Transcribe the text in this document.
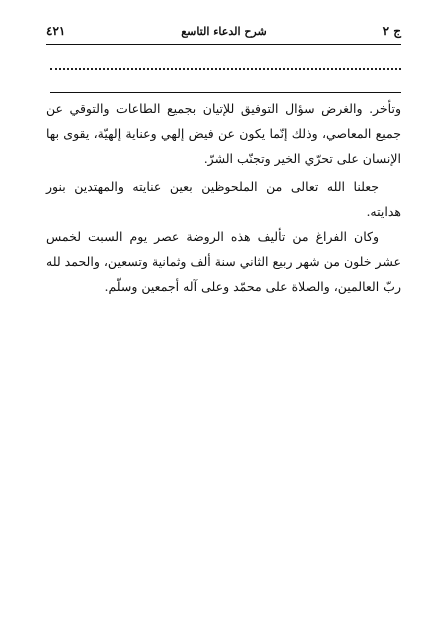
ج ٢
شرح الدعاء التاسع
٤٢١

وتأخر. والغرض سؤال التوفيق للإتيان بجميع الطاعات والتوقي عن جميع المعاصي، وذلك إنّما يكون عن فيض إلهي وعناية إلهيّة، يقوى بها الإنسان على تحرّي الخير وتجنّب الشرّ.

جعلنا الله تعالى من الملحوظين بعين عنايته والمهتدين بنور هدايته.

وكان الفراغ من تأليف هذه الروضة عصر يوم السبت لخمس عشر خلون من شهر ربيع الثاني سنة ألف وثمانية وتسعين، والحمد لله ربّ العالمين، والصلاة على محمّد وعلى آله أجمعين وسلّم.
